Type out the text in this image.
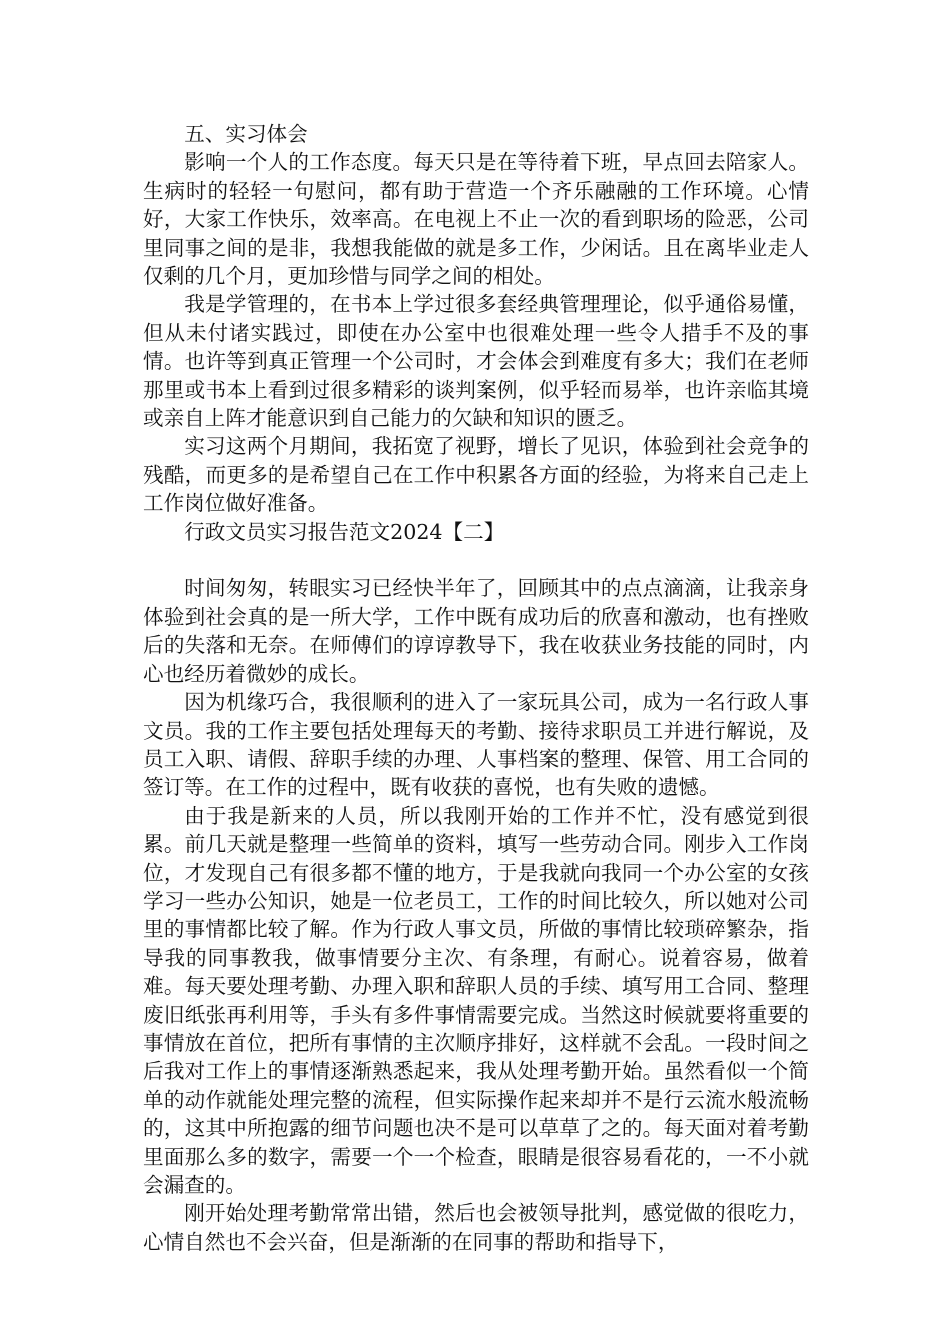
五、实习体会

影响一个人的工作态度。每天只是在等待着下班，早点回去陪家人。生病时的轻轻一句慰问，都有助于营造一个齐乐融融的工作环境。心情好，大家工作快乐，效率高。在电视上不止一次的看到职场的险恶，公司里同事之间的是非，我想我能做的就是多工作，少闲话。且在离毕业走人仅剩的几个月，更加珍惜与同学之间的相处。

我是学管理的，在书本上学过很多套经典管理理论，似乎通俗易懂，但从未付诸实践过，即使在办公室中也很难处理一些令人措手不及的事情。也许等到真正管理一个公司时，才会体会到难度有多大；我们在老师那里或书本上看到过很多精彩的谈判案例，似乎轻而易举，也许亲临其境或亲自上阵才能意识到自己能力的欠缺和知识的匮乏。

实习这两个月期间，我拓宽了视野，增长了见识，体验到社会竞争的残酷，而更多的是希望自己在工作中积累各方面的经验，为将来自己走上工作岗位做好准备。

行政文员实习报告范文2024【二】

时间匆匆，转眼实习已经快半年了，回顾其中的点点滴滴，让我亲身体验到社会真的是一所大学，工作中既有成功后的欣喜和激动，也有挫败后的失落和无奈。在师傅们的谆谆教导下，我在收获业务技能的同时，内心也经历着微妙的成长。

因为机缘巧合，我很顺利的进入了一家玩具公司，成为一名行政人事文员。我的工作主要包括处理每天的考勤、接待求职员工并进行解说，及员工入职、请假、辞职手续的办理、人事档案的整理、保管、用工合同的签订等。在工作的过程中，既有收获的喜悦，也有失败的遗憾。

由于我是新来的人员，所以我刚开始的工作并不忙，没有感觉到很累。前几天就是整理一些简单的资料，填写一些劳动合同。刚步入工作岗位，才发现自己有很多都不懂的地方，于是我就向我同一个办公室的女孩学习一些办公知识，她是一位老员工，工作的时间比较久，所以她对公司里的事情都比较了解。作为行政人事文员，所做的事情比较琐碎繁杂，指导我的同事教我，做事情要分主次、有条理，有耐心。说着容易，做着难。每天要处理考勤、办理入职和辞职人员的手续、填写用工合同、整理废旧纸张再利用等，手头有多件事情需要完成。当然这时候就要将重要的事情放在首位，把所有事情的主次顺序排好，这样就不会乱。一段时间之后我对工作上的事情逐渐熟悉起来，我从处理考勤开始。虽然看似一个简单的动作就能处理完整的流程，但实际操作起来却并不是行云流水般流畅的，这其中所抱露的细节问题也决不是可以草草了之的。每天面对着考勤里面那么多的数字，需要一个一个检查，眼睛是很容易看花的，一不小就会漏查的。

刚开始处理考勤常常出错，然后也会被领导批判，感觉做的很吃力，心情自然也不会兴奋，但是渐渐的在同事的帮助和指导下，
